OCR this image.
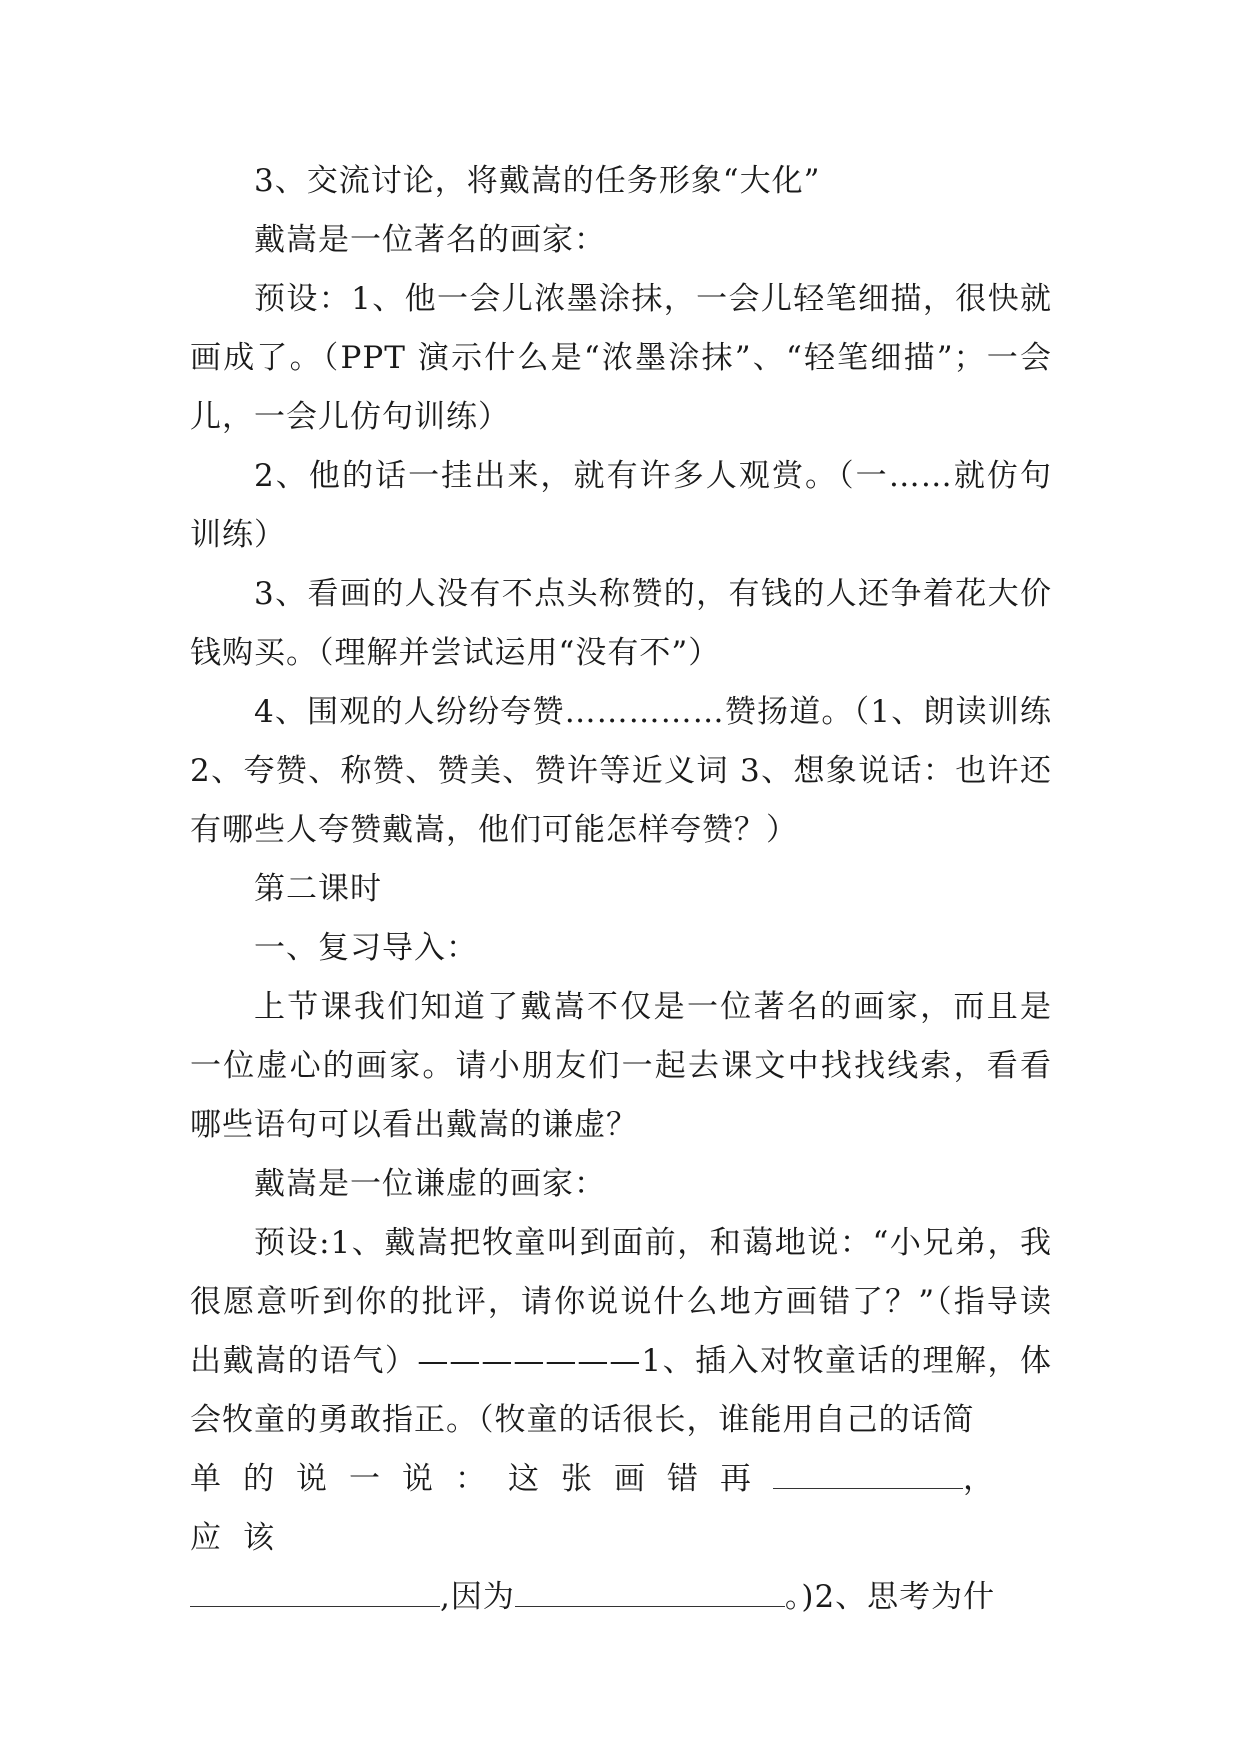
3、交流讨论，将戴嵩的任务形象“大化”

戴嵩是一位著名的画家：

预设：1、他一会儿浓墨涂抹，一会儿轻笔细描，很快就画成了。（PPT 演示什么是“浓墨涂抹”、“轻笔细描”；一会儿，一会儿仿句训练）

2、他的话一挂出来，就有许多人观赏。（一……就仿句训练）

3、看画的人没有不点头称赞的，有钱的人还争着花大价钱购买。（理解并尝试运用“没有不”）

4、围观的人纷纷夸赞……………赞扬道。（1、朗读训练 2、夸赞、称赞、赞美、赞许等近义词 3、想象说话：也许还有哪些人夸赞戴嵩，他们可能怎样夸赞？）

第二课时

一、复习导入：

上节课我们知道了戴嵩不仅是一位著名的画家，而且是一位虚心的画家。请小朋友们一起去课文中找找线索，看看哪些语句可以看出戴嵩的谦虚？

戴嵩是一位谦虚的画家：

预设:1、戴嵩把牧童叫到面前，和蔼地说：“小兄弟，我很愿意听到你的批评，请你说说什么地方画错了？”（指导读出戴嵩的语气）———————1、插入对牧童话的理解，体会牧童的勇敢指正。（牧童的话很长，谁能用自己的话简

单的说一说：这张画错再	，应该

,因为	。)2、思考为什
